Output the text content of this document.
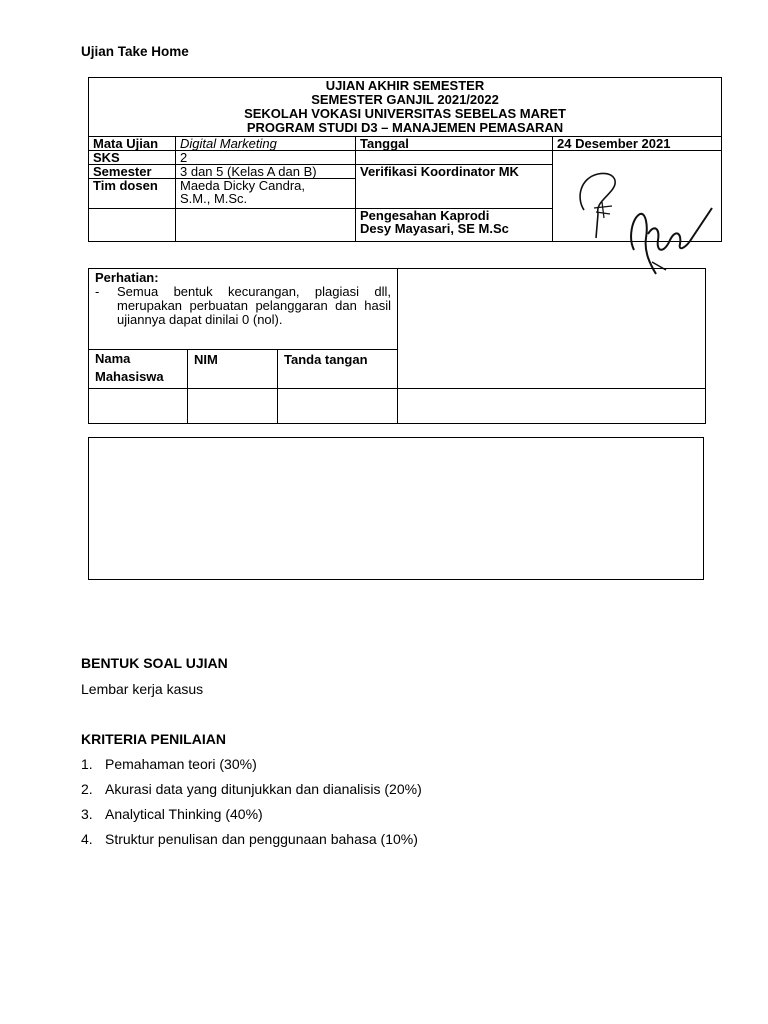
Ujian Take Home
UJIAN AKHIR SEMESTER
SEMESTER GANJIL 2021/2022
SEKOLAH VOKASI UNIVERSITAS SEBELAS MARET
PROGRAM STUDI D3 – MANAJEMEN PEMASARAN			

Mata Ujian	Digital Marketing	Tanggal	24 Desember 2021
SKS	2		
Semester	3 dan 5 (Kelas A dan B)	Verifikasi Koordinator MK	
Tim dosen	Maeda Dicky Candra,
S.M., M.Sc.		

		Pengesahan Kaprodi
Desy Mayasari, SE M.Sc	
Perhatian:
- Semua bentuk kecurangan, plagiasi dll, merupakan perbuatan pelanggaran dan hasil ujiannya dapat dinilai 0 (nol).			

Nama Mahasiswa	NIM	Tanda tangan	

BENTUK SOAL UJIAN
Lembar kerja kasus
KRITERIA PENILAIAN
1. Pemahaman teori (30%)
2. Akurasi data yang ditunjukkan dan dianalisis (20%)
3. Analytical Thinking (40%)
4. Struktur penulisan dan penggunaan bahasa (10%)
